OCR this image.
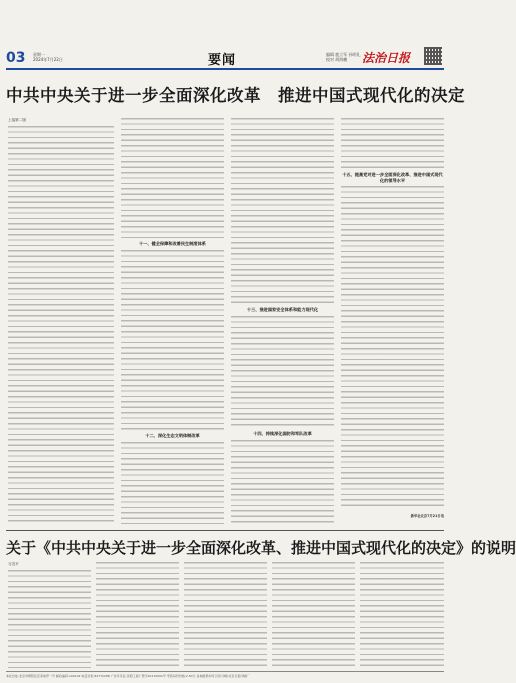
03 星期一
2024年7月22日	要闻	编辑 鹿立军 孙明礼
校对 胡海鹏	法治日报
中共中央关于进一步全面深化改革　推进中国式现代化的决定
上接第二版
十一、健全保障和改善民生制度体系
十二、深化生态文明体制改革
十三、推进国家安全体系和能力现代化
十四、持续深化国防和军队改革
十五、提高党对进一步全面深化改革、推进中国式现代化的领导水平
新华社北京7月21日电
关于《中共中央关于进一步全面深化改革、推进中国式现代化的决定》的说明
习近平
本社位址:北京市朝阳区花家地甲一号 邮政编码:100102 电话总机:84772288 广告许可证:京朝工商广登字20170001号 零售每份价格:2.50元 各地邮局均可订阅 印刷:北京日报印刷厂
